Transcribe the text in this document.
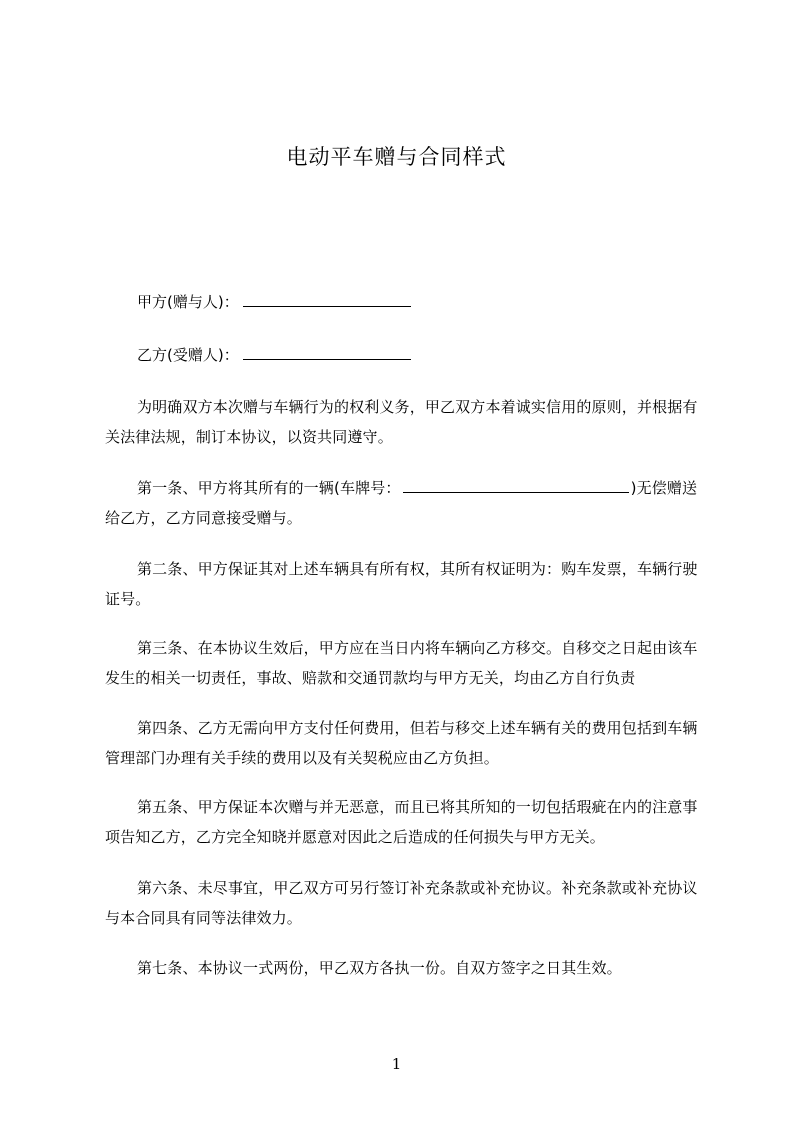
电动平车赠与合同样式
甲方(赠与人)：
乙方(受赠人)：

为明确双方本次赠与车辆行为的权利义务，甲乙双方本着诚实信用的原则，并根据有关法律法规，制订本协议，以资共同遵守。

第一条、甲方将其所有的一辆(车牌号：	)无偿赠送给乙方，乙方同意接受赠与。

第二条、甲方保证其对上述车辆具有所有权，其所有权证明为：购车发票，车辆行驶证号。

第三条、在本协议生效后，甲方应在当日内将车辆向乙方移交。自移交之日起由该车发生的相关一切责任，事故、赔款和交通罚款均与甲方无关，均由乙方自行负责

第四条、乙方无需向甲方支付任何费用，但若与移交上述车辆有关的费用包括到车辆管理部门办理有关手续的费用以及有关契税应由乙方负担。

第五条、甲方保证本次赠与并无恶意，而且已将其所知的一切包括瑕疵在内的注意事项告知乙方，乙方完全知晓并愿意对因此之后造成的任何损失与甲方无关。

第六条、未尽事宜，甲乙双方可另行签订补充条款或补充协议。补充条款或补充协议与本合同具有同等法律效力。

第七条、本协议一式两份，甲乙双方各执一份。自双方签字之日其生效。

1
